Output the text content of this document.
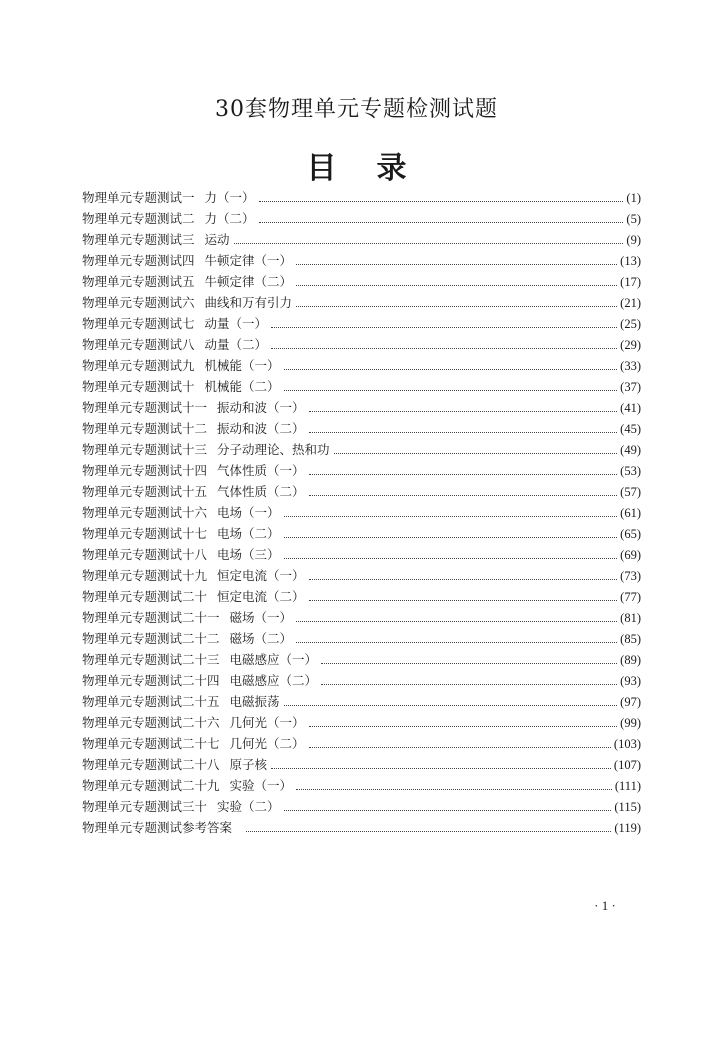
30套物理单元专题检测试题
目录
物理单元专题测试一 力（一）	(1)
物理单元专题测试二 力（二）	(5)
物理单元专题测试三 运动	(9)
物理单元专题测试四 牛顿定律（一）	(13)
物理单元专题测试五 牛顿定律（二）	(17)
物理单元专题测试六 曲线和万有引力	(21)
物理单元专题测试七 动量（一）	(25)
物理单元专题测试八 动量（二）	(29)
物理单元专题测试九 机械能（一）	(33)
物理单元专题测试十 机械能（二）	(37)
物理单元专题测试十一 振动和波（一）	(41)
物理单元专题测试十二 振动和波（二）	(45)
物理单元专题测试十三 分子动理论、热和功	(49)
物理单元专题测试十四 气体性质（一）	(53)
物理单元专题测试十五 气体性质（二）	(57)
物理单元专题测试十六 电场（一）	(61)
物理单元专题测试十七 电场（二）	(65)
物理单元专题测试十八 电场（三）	(69)
物理单元专题测试十九 恒定电流（一）	(73)
物理单元专题测试二十 恒定电流（二）	(77)
物理单元专题测试二十一 磁场（一）	(81)
物理单元专题测试二十二 磁场（二）	(85)
物理单元专题测试二十三 电磁感应（一）	(89)
物理单元专题测试二十四 电磁感应（二）	(93)
物理单元专题测试二十五 电磁振荡	(97)
物理单元专题测试二十六 几何光（一）	(99)
物理单元专题测试二十七 几何光（二）	(103)
物理单元专题测试二十八 原子核	(107)
物理单元专题测试二十九 实验（一）	(111)
物理单元专题测试三十 实验（二）	(115)
物理单元专题测试参考答案	(119)
· 1 ·
